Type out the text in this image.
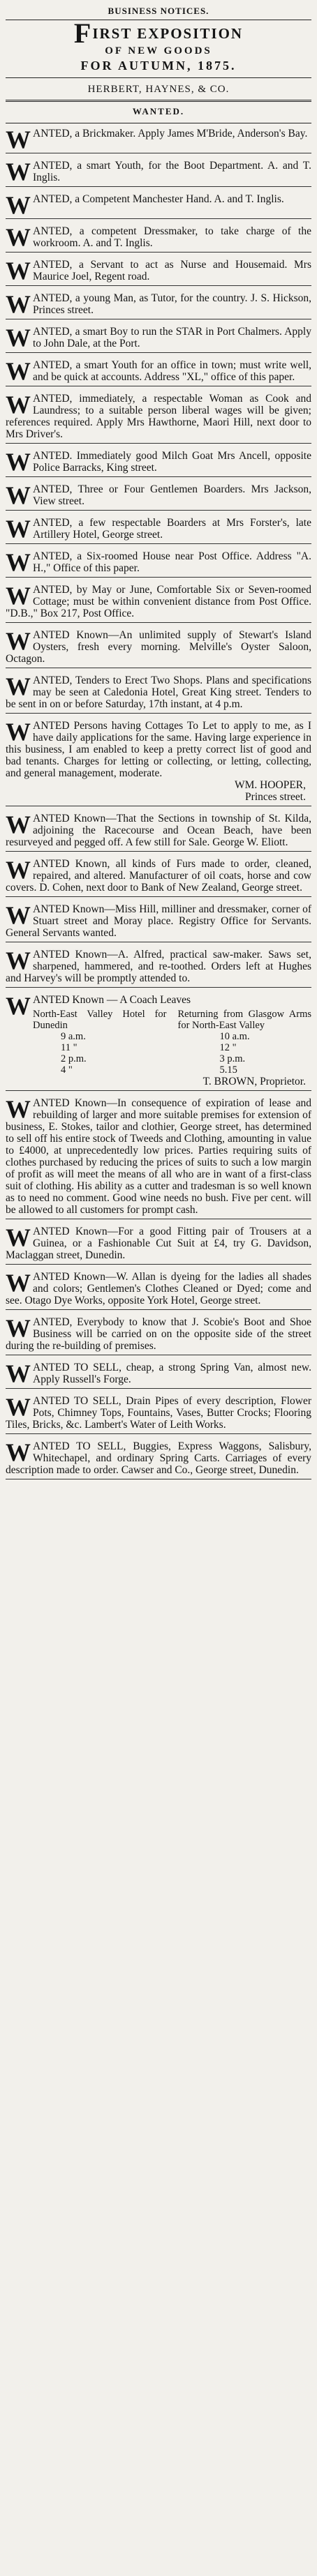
BUSINESS NOTICES.
FIRST EXPOSITION
OF NEW GOODS
FOR AUTUMN, 1875.
HERBERT, HAYNES, & CO.
WANTED.
WANTED, a Brickmaker. Apply James M'Bride, Anderson's Bay.
WANTED, a smart Youth, for the Boot Department. A. and T. Inglis.
WANTED, a Competent Manchester Hand. A. and T. Inglis.
WANTED, a competent Dressmaker, to take charge of the workroom. A. and T. Inglis.
WANTED, a Servant to act as Nurse and Housemaid. Mrs Maurice Joel, Regent road.
WANTED, a young Man, as Tutor, for the country. J. S. Hickson, Princes street.
WANTED, a smart Boy to run the STAR in Port Chalmers. Apply to John Dale, at the Port.
WANTED, a smart Youth for an office in town; must write well, and be quick at accounts. Address "XL," office of this paper.
WANTED, immediately, a respectable Woman as Cook and Laundress; to a suitable person liberal wages will be given; references required. Apply Mrs Hawthorne, Maori Hill, next door to Mrs Driver's.
WANTED. Immediately good Milch Goat Mrs Ancell, opposite Police Barracks, King street.
WANTED, Three or Four Gentlemen Boarders. Mrs Jackson, View street.
WANTED, a few respectable Boarders at Mrs Forster's, late Artillery Hotel, George street.
WANTED, a Six-roomed House near Post Office. Address "A. H.," Office of this paper.
WANTED, by May or June, Comfortable Six or Seven-roomed Cottage; must be within convenient distance from Post Office. "D.B.," Box 217, Post Office.
WANTED Known—An unlimited supply of Stewart's Island Oysters, fresh every morning. Melville's Oyster Saloon, Octagon.
WANTED, Tenders to Erect Two Shops. Plans and specifications may be seen at Caledonia Hotel, Great King street. Tenders to be sent in on or before Saturday, 17th instant, at 4 p.m.
WANTED Persons having Cottages To Let to apply to me, as I have daily applications for the same. Having large experience in this business, I am enabled to keep a pretty correct list of good and bad tenants. Charges for letting or collecting, or letting, collecting, and general management, moderate.
WM. HOOPER,
Princes street.
WANTED Known—That the Sections in township of St. Kilda, adjoining the Racecourse and Ocean Beach, have been resurveyed and pegged off. A few still for Sale. George W. Eliott.
WANTED Known, all kinds of Furs made to order, cleaned, repaired, and altered. Manufacturer of oil coats, horse and cow covers. D. Cohen, next door to Bank of New Zealand, George street.
WANTED Known—Miss Hill, milliner and dressmaker, corner of Stuart street and Moray place. Registry Office for Servants. General Servants wanted.
WANTED Known—A. Alfred, practical saw-maker. Saws set, sharpened, hammered, and re-toothed. Orders left at Hughes and Harvey's will be promptly attended to.
WANTED Known — A Coach Leaves
North-East Valley Hotel for Dunedin
9 a.m.
11 "
2 p.m.
4 "
Returning from Glasgow Arms for North-East Valley
10 a.m.
12 "
3 p.m.
5.15
T. BROWN, Proprietor.
WANTED Known—In consequence of expiration of lease and rebuilding of larger and more suitable premises for extension of business, E. Stokes, tailor and clothier, George street, has determined to sell off his entire stock of Tweeds and Clothing, amounting in value to £4000, at unprecedentedly low prices. Parties requiring suits of clothes purchased by reducing the prices of suits to such a low margin of profit as will meet the means of all who are in want of a first-class suit of clothing. His ability as a cutter and tradesman is so well known as to need no comment. Good wine needs no bush. Five per cent. will be allowed to all customers for prompt cash.
WANTED Known—For a good Fitting pair of Trousers at a Guinea, or a Fashionable Cut Suit at £4, try G. Davidson, Maclaggan street, Dunedin.
WANTED Known—W. Allan is dyeing for the ladies all shades and colors; Gentlemen's Clothes Cleaned or Dyed; come and see. Otago Dye Works, opposite York Hotel, George street.
WANTED, Everybody to know that J. Scobie's Boot and Shoe Business will be carried on on the opposite side of the street during the re-building of premises.
WANTED TO SELL, cheap, a strong Spring Van, almost new. Apply Russell's Forge.
WANTED TO SELL, Drain Pipes of every description, Flower Pots, Chimney Tops, Fountains, Vases, Butter Crocks; Flooring Tiles, Bricks, &c. Lambert's Water of Leith Works.
WANTED TO SELL, Buggies, Express Waggons, Salisbury, Whitechapel, and ordinary Spring Carts. Carriages of every description made to order. Cawser and Co., George street, Dunedin.
